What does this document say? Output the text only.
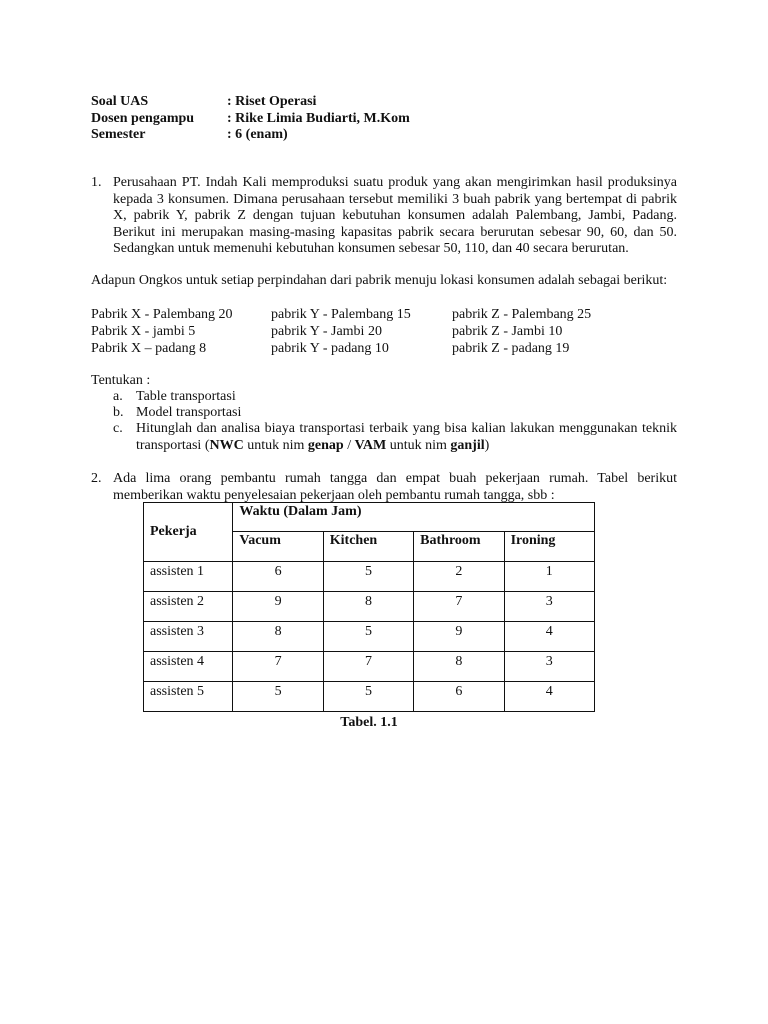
Soal UAS	: Riset Operasi
Dosen pengampu : Rike Limia Budiarti, M.Kom
Semester	: 6 (enam)
1. Perusahaan PT. Indah Kali memproduksi suatu produk yang akan mengirimkan hasil produksinya kepada 3 konsumen. Dimana perusahaan tersebut memiliki 3 buah pabrik yang bertempat di pabrik X, pabrik Y, pabrik Z dengan tujuan kebutuhan konsumen adalah Palembang, Jambi, Padang. Berikut ini merupakan masing-masing kapasitas pabrik secara berurutan sebesar 90, 60, dan 50. Sedangkan untuk memenuhi kebutuhan konsumen sebesar 50, 110, dan 40 secara berurutan.
Adapun Ongkos untuk setiap perpindahan dari pabrik menuju lokasi konsumen adalah sebagai berikut:
Pabrik X - Palembang 20	pabrik Y - Palembang 15	pabrik Z - Palembang 25
Pabrik X - jambi 5	pabrik Y - Jambi 20	pabrik Z - Jambi 10
Pabrik X – padang 8	pabrik Y - padang 10	pabrik Z - padang 19
Tentukan :
a. Table transportasi
b. Model transportasi
c. Hitunglah dan analisa biaya transportasi terbaik yang bisa kalian lakukan menggunakan teknik transportasi (NWC untuk nim genap / VAM untuk nim ganjil)
2. Ada lima orang pembantu rumah tangga dan empat buah pekerjaan rumah. Tabel berikut memberikan waktu penyelesaian pekerjaan oleh pembantu rumah tangga, sbb :
Pekerja	Waktu (Dalam Jam)			
	Vacum	Kitchen	Bathroom	Ironing
assisten 1	6	5	2	1
assisten 2	9	8	7	3
assisten 3	8	5	9	4
assisten 4	7	7	8	3
assisten 5	5	5	6	4
Tabel. 1.1
